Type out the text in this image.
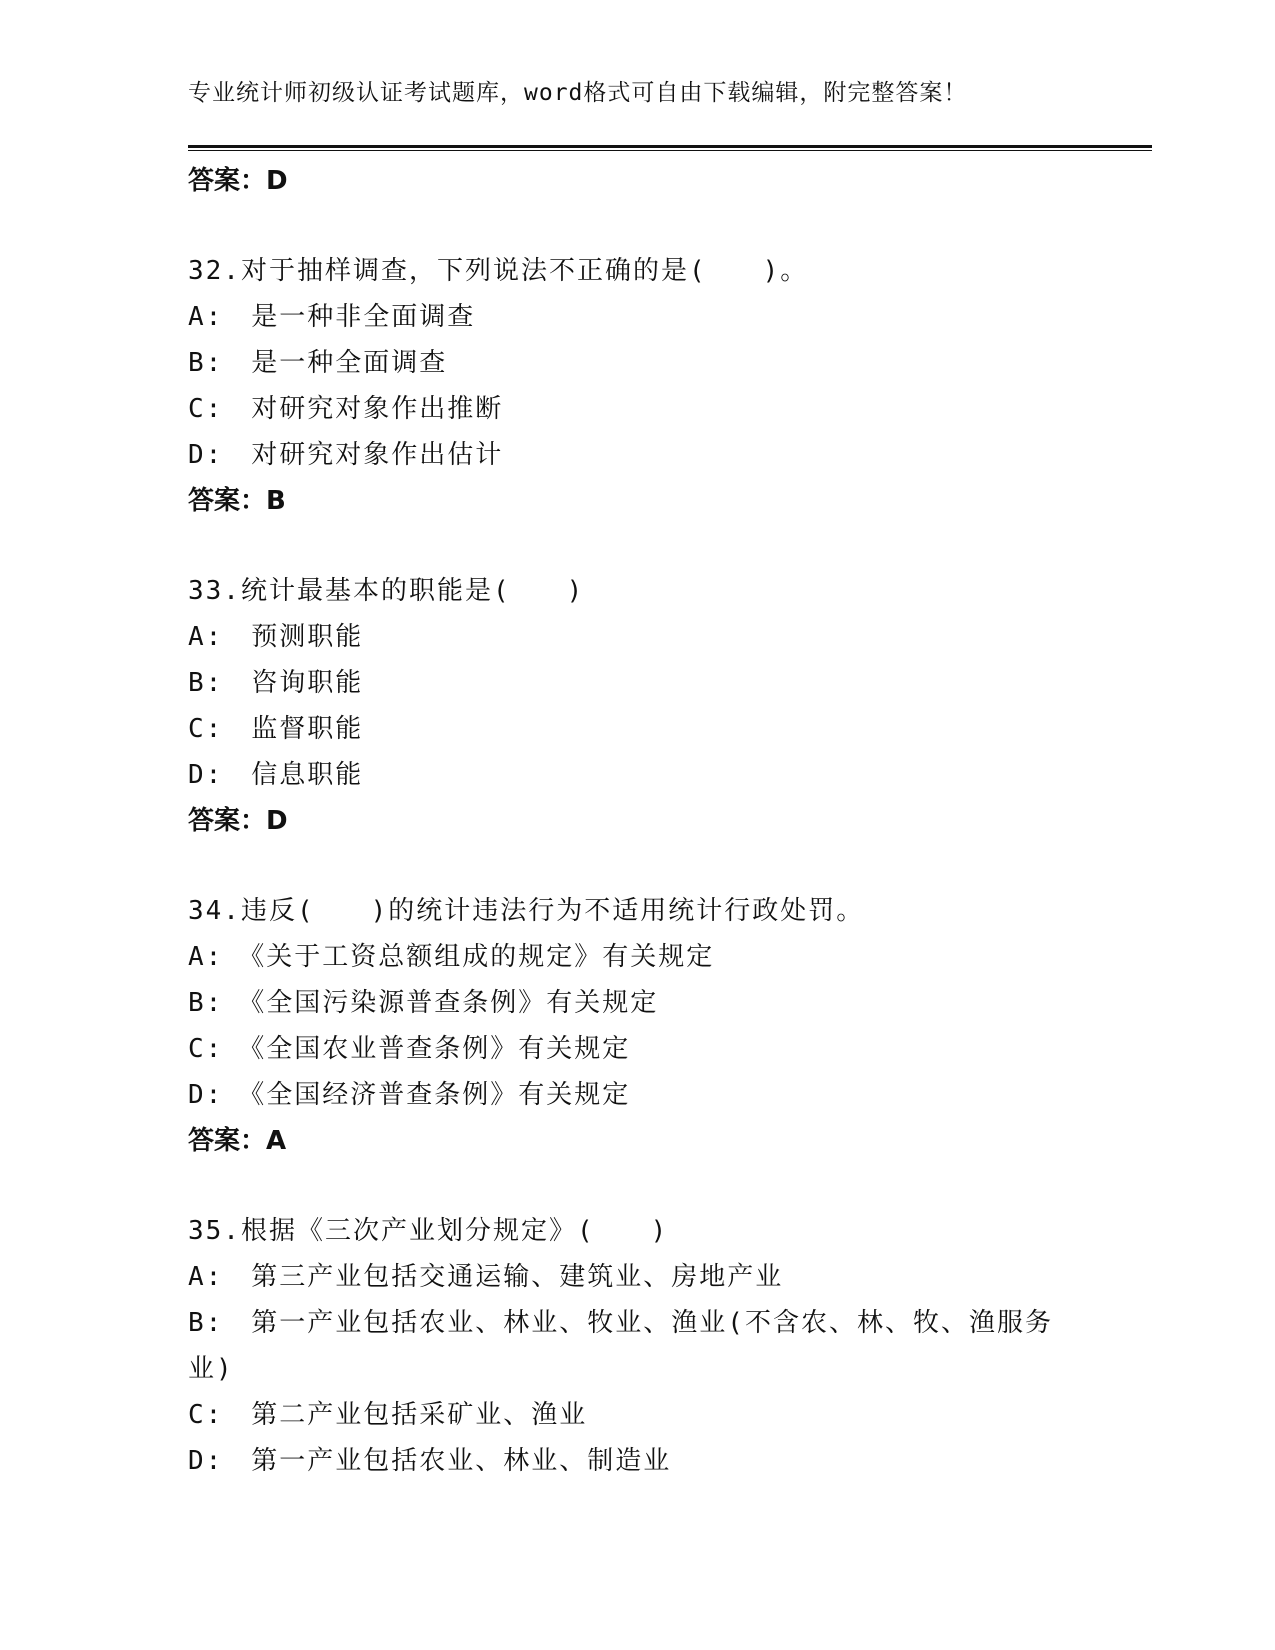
专业统计师初级认证考试题库，word格式可自由下载编辑，附完整答案！
答案：D
32.对于抽样调查，下列说法不正确的是(　　)。
A:　是一种非全面调查
B:　是一种全面调查
C:　对研究对象作出推断
D:　对研究对象作出估计
答案：B
33.统计最基本的职能是(　　)
A:　预测职能
B:　咨询职能
C:　监督职能
D:　信息职能
答案：D
34.违反(　　)的统计违法行为不适用统计行政处罚。
A:　《关于工资总额组成的规定》有关规定
B:　《全国污染源普查条例》有关规定
C:　《全国农业普查条例》有关规定
D:　《全国经济普查条例》有关规定
答案：A
35.根据《三次产业划分规定》(　　)
A:　第三产业包括交通运输、建筑业、房地产业
B:　第一产业包括农业、林业、牧业、渔业(不含农、林、牧、渔服务业)
C:　第二产业包括采矿业、渔业
D:　第一产业包括农业、林业、制造业
